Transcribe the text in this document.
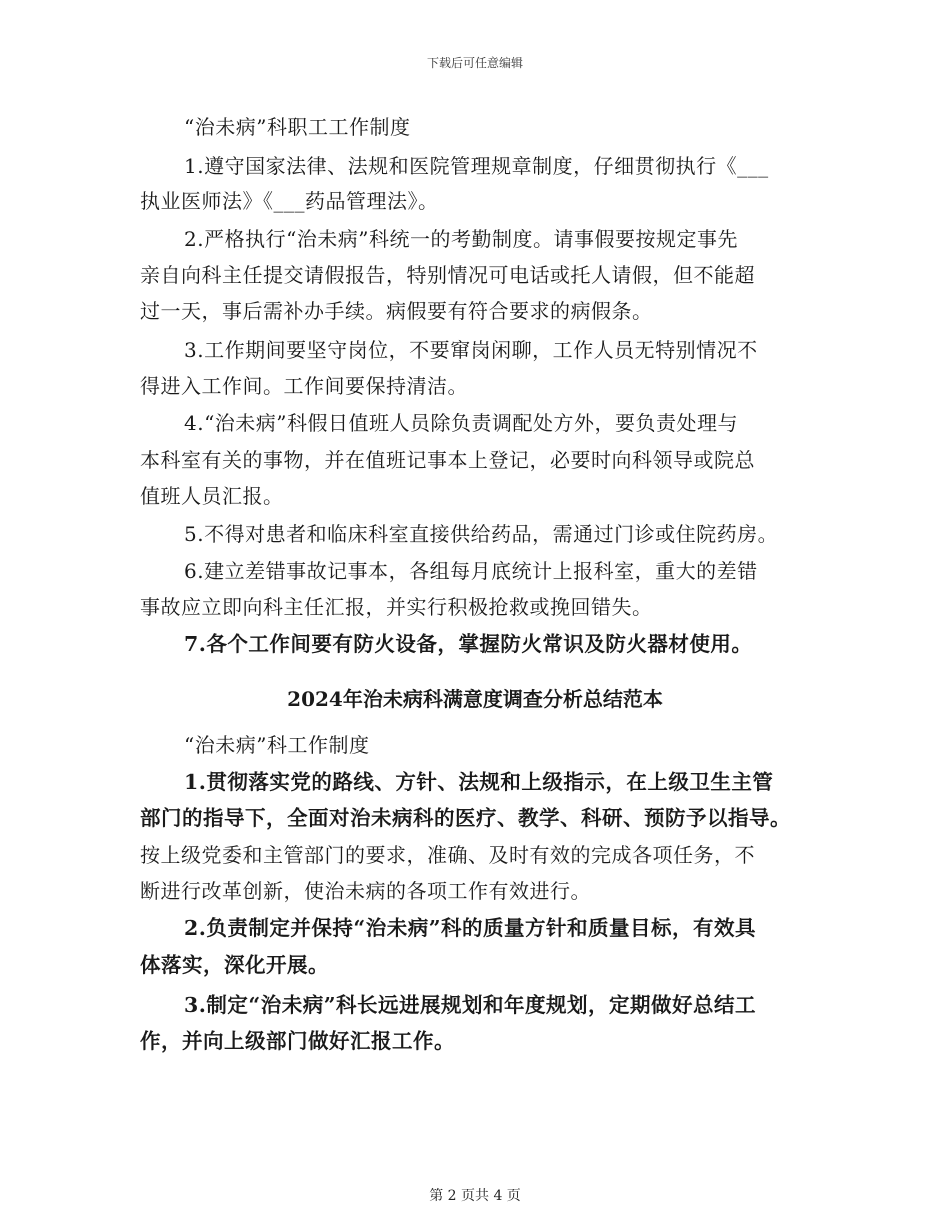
下载后可任意编辑
“治未病”科职工工作制度
1.遵守国家法律、法规和医院管理规章制度，仔细贯彻执行《___
执业医师法》《___药品管理法》。
2.严格执行“治未病”科统一的考勤制度。请事假要按规定事先
亲自向科主任提交请假报告，特别情况可电话或托人请假，但不能超
过一天，事后需补办手续。病假要有符合要求的病假条。
3.工作期间要坚守岗位，不要窜岗闲聊，工作人员无特别情况不
得进入工作间。工作间要保持清洁。
4.“治未病”科假日值班人员除负责调配处方外，要负责处理与
本科室有关的事物，并在值班记事本上登记，必要时向科领导或院总
值班人员汇报。
5.不得对患者和临床科室直接供给药品，需通过门诊或住院药房。
6.建立差错事故记事本，各组每月底统计上报科室，重大的差错
事故应立即向科主任汇报，并实行积极抢救或挽回错失。
7.各个工作间要有防火设备，掌握防火常识及防火器材使用。
2024年治未病科满意度调查分析总结范本
“治未病”科工作制度
1.贯彻落实党的路线、方针、法规和上级指示，在上级卫生主管
部门的指导下，全面对治未病科的医疗、教学、科研、预防予以指导。
按上级党委和主管部门的要求，准确、及时有效的完成各项任务，不
断进行改革创新，使治未病的各项工作有效进行。
2.负责制定并保持“治未病”科的质量方针和质量目标，有效具
体落实，深化开展。
3.制定“治未病”科长远进展规划和年度规划，定期做好总结工
作，并向上级部门做好汇报工作。
第 2 页共 4 页
